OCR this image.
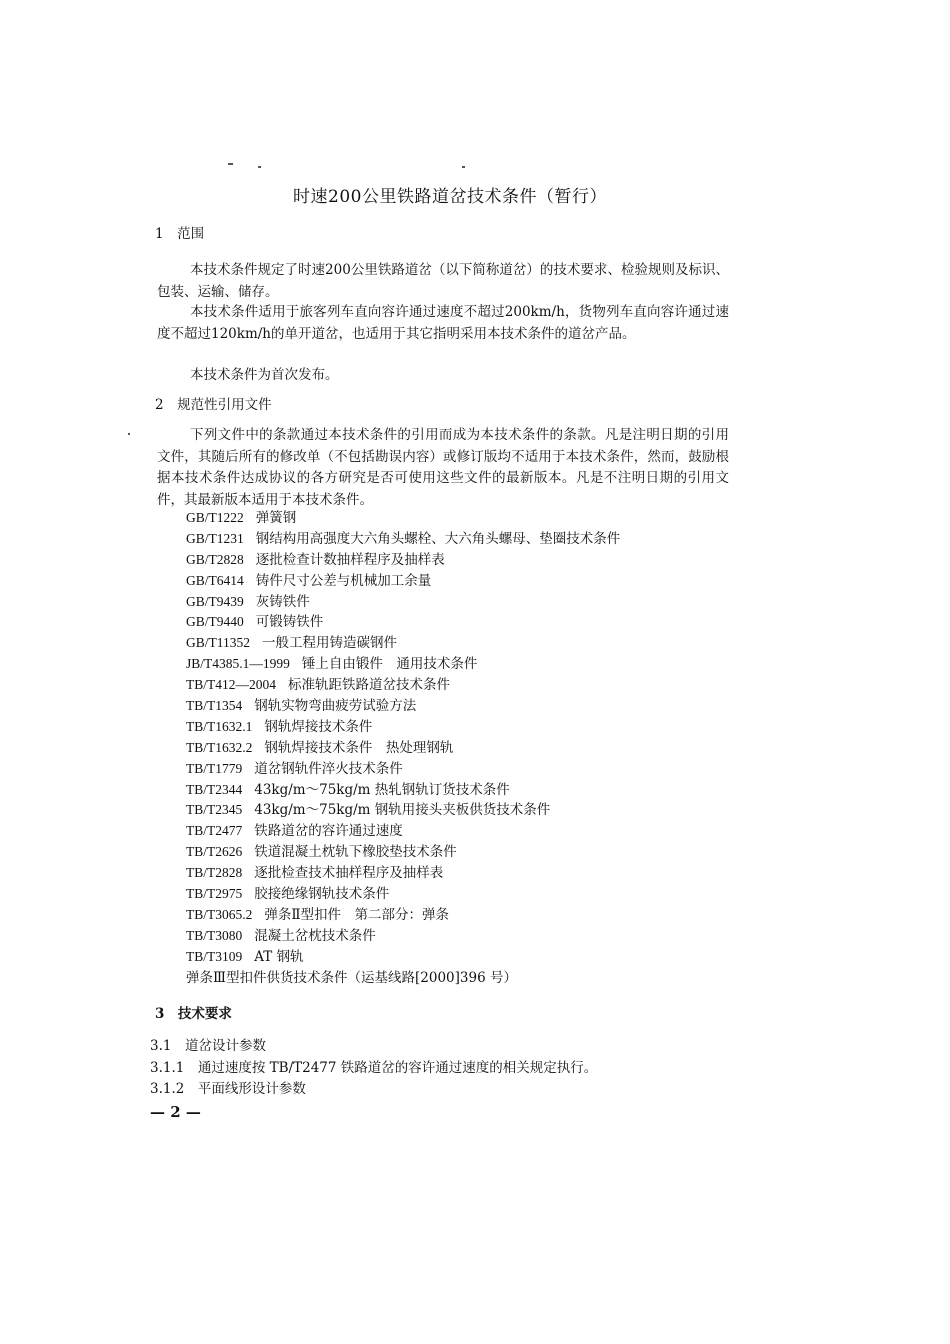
时速200公里铁路道岔技术条件（暂行）
1　范围
本技术条件规定了时速200公里铁路道岔（以下简称道岔）的技术要求、检验规则及标识、包装、运输、储存。
本技术条件适用于旅客列车直向容许通过速度不超过200km/h，货物列车直向容许通过速度不超过120km/h的单开道岔，也适用于其它指明采用本技术条件的道岔产品。
本技术条件为首次发布。
2　规范性引用文件
下列文件中的条款通过本技术条件的引用而成为本技术条件的条款。凡是注明日期的引用文件，其随后所有的修改单（不包括勘误内容）或修订版均不适用于本技术条件，然而，鼓励根据本技术条件达成协议的各方研究是否可使用这些文件的最新版本。凡是不注明日期的引用文件，其最新版本适用于本技术条件。
GB/T1222 弹簧钢
GB/T1231 钢结构用高强度大六角头螺栓、大六角头螺母、垫圈技术条件
GB/T2828 逐批检查计数抽样程序及抽样表
GB/T6414 铸件尺寸公差与机械加工余量
GB/T9439 灰铸铁件
GB/T9440 可锻铸铁件
GB/T11352 一般工程用铸造碳钢件
JB/T4385.1—1999 锤上自由锻件　通用技术条件
TB/T412—2004 标准轨距铁路道岔技术条件
TB/T1354 钢轨实物弯曲疲劳试验方法
TB/T1632.1 钢轨焊接技术条件
TB/T1632.2 钢轨焊接技术条件　热处理钢轨
TB/T1779 道岔钢轨件淬火技术条件
TB/T2344 43kg/m～75kg/m 热轧钢轨订货技术条件
TB/T2345 43kg/m～75kg/m 钢轨用接头夹板供货技术条件
TB/T2477 铁路道岔的容许通过速度
TB/T2626 铁道混凝土枕轨下橡胶垫技术条件
TB/T2828 逐批检查技术抽样程序及抽样表
TB/T2975 胶接绝缘钢轨技术条件
TB/T3065.2 弹条Ⅱ型扣件　第二部分：弹条
TB/T3080 混凝土岔枕技术条件
TB/T3109 AT 钢轨
弹条Ⅲ型扣件供货技术条件（运基线路[2000]396 号）
3　技术要求
3.1　道岔设计参数
3.1.1　通过速度按 TB/T2477 铁路道岔的容许通过速度的相关规定执行。
3.1.2　平面线形设计参数
— 2 —
